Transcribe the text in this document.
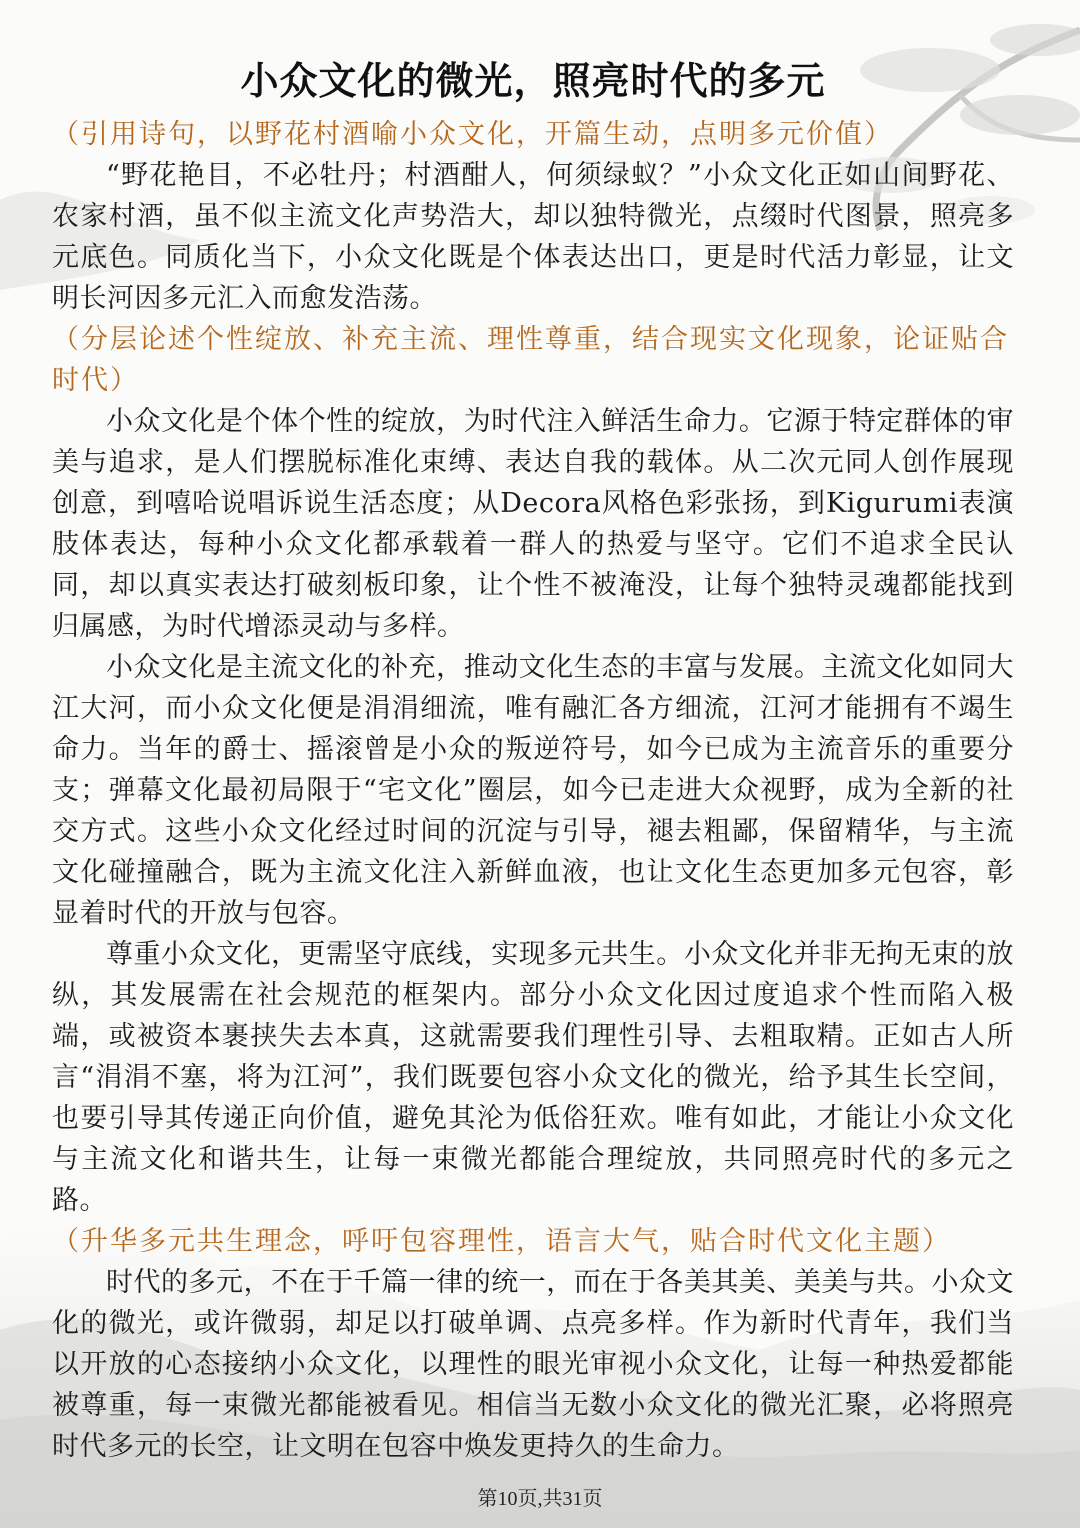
小众文化的微光，照亮时代的多元

（引用诗句，以野花村酒喻小众文化，开篇生动，点明多元价值）

“野花艳目，不必牡丹；村酒酣人，何须绿蚁？”小众文化正如山间野花、农家村酒，虽不似主流文化声势浩大，却以独特微光，点缀时代图景，照亮多元底色。同质化当下，小众文化既是个体表达出口，更是时代活力彰显，让文明长河因多元汇入而愈发浩荡。

（分层论述个性绽放、补充主流、理性尊重，结合现实文化现象，论证贴合时代）

小众文化是个体个性的绽放，为时代注入鲜活生命力。它源于特定群体的审美与追求，是人们摆脱标准化束缚、表达自我的载体。从二次元同人创作展现创意，到嘻哈说唱诉说生活态度；从Decora风格色彩张扬，到Kigurumi表演肢体表达，每种小众文化都承载着一群人的热爱与坚守。它们不追求全民认同，却以真实表达打破刻板印象，让个性不被淹没，让每个独特灵魂都能找到归属感，为时代增添灵动与多样。

小众文化是主流文化的补充，推动文化生态的丰富与发展。主流文化如同大江大河，而小众文化便是涓涓细流，唯有融汇各方细流，江河才能拥有不竭生命力。当年的爵士、摇滚曾是小众的叛逆符号，如今已成为主流音乐的重要分支；弹幕文化最初局限于“宅文化”圈层，如今已走进大众视野，成为全新的社交方式。这些小众文化经过时间的沉淀与引导，褪去粗鄙，保留精华，与主流文化碰撞融合，既为主流文化注入新鲜血液，也让文化生态更加多元包容，彰显着时代的开放与包容。

尊重小众文化，更需坚守底线，实现多元共生。小众文化并非无拘无束的放纵，其发展需在社会规范的框架内。部分小众文化因过度追求个性而陷入极端，或被资本裹挟失去本真，这就需要我们理性引导、去粗取精。正如古人所言“涓涓不塞，将为江河”，我们既要包容小众文化的微光，给予其生长空间，也要引导其传递正向价值，避免其沦为低俗狂欢。唯有如此，才能让小众文化与主流文化和谐共生，让每一束微光都能合理绽放，共同照亮时代的多元之路。

（升华多元共生理念，呼吁包容理性，语言大气，贴合时代文化主题）

时代的多元，不在于千篇一律的统一，而在于各美其美、美美与共。小众文化的微光，或许微弱，却足以打破单调、点亮多样。作为新时代青年，我们当以开放的心态接纳小众文化，以理性的眼光审视小众文化，让每一种热爱都能被尊重，每一束微光都能被看见。相信当无数小众文化的微光汇聚，必将照亮时代多元的长空，让文明在包容中焕发更持久的生命力。

第10页,共31页
